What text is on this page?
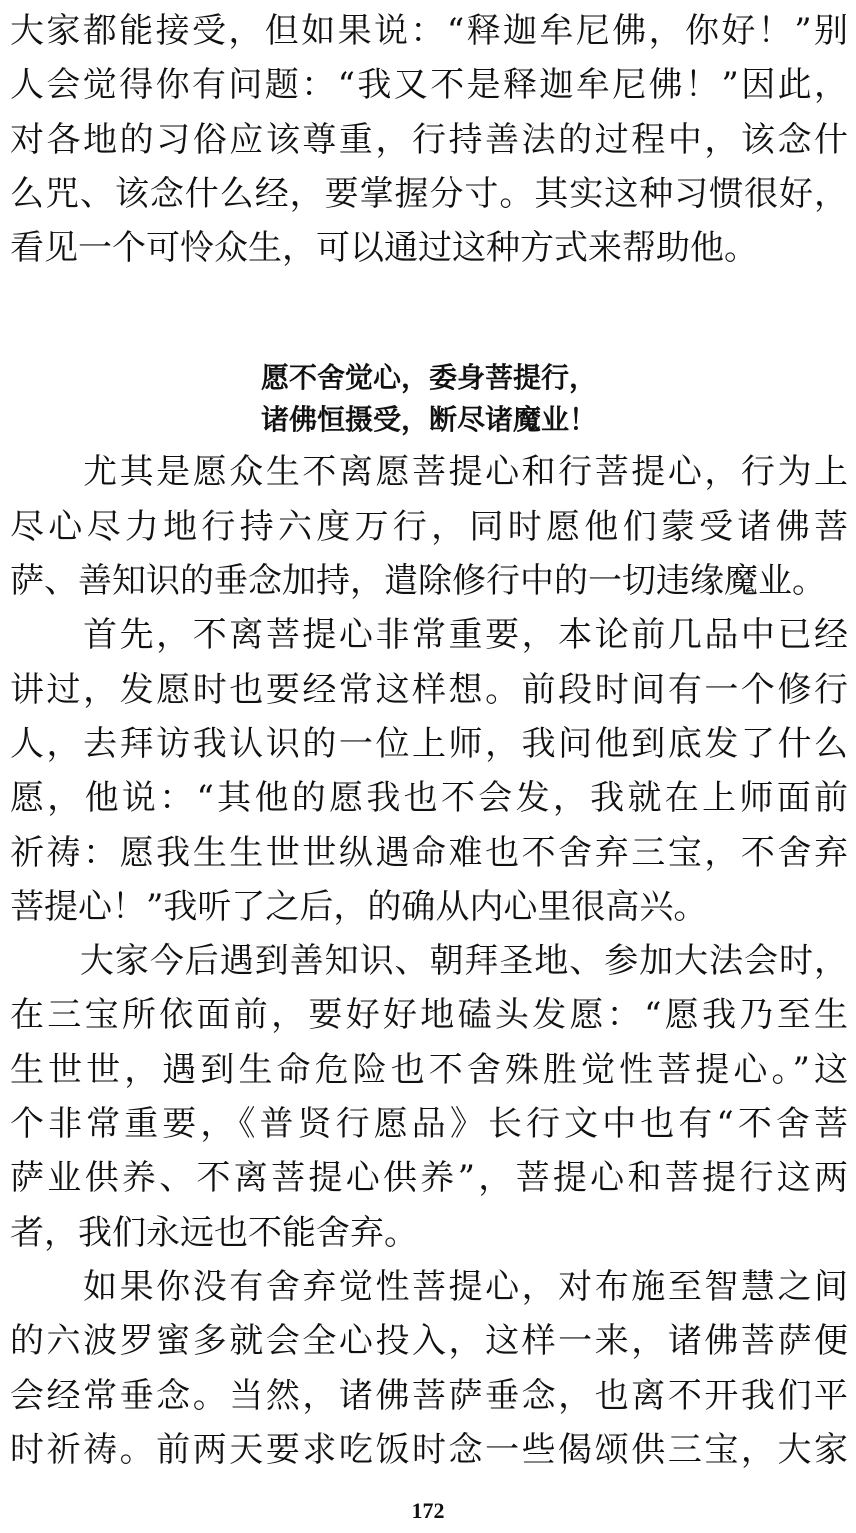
大家都能接受，但如果说：“释迦牟尼佛，你好！”别
人会觉得你有问题：“我又不是释迦牟尼佛！”因此，
对各地的习俗应该尊重，行持善法的过程中，该念什
么咒、该念什么经，要掌握分寸。其实这种习惯很好，
看见一个可怜众生，可以通过这种方式来帮助他。
愿不舍觉心，委身菩提行，
诸佛恒摄受，断尽诸魔业！
　　尤其是愿众生不离愿菩提心和行菩提心，行为上
尽心尽力地行持六度万行，同时愿他们蒙受诸佛菩
萨、善知识的垂念加持，遣除修行中的一切违缘魔业。
　　首先，不离菩提心非常重要，本论前几品中已经
讲过，发愿时也要经常这样想。前段时间有一个修行
人，去拜访我认识的一位上师，我问他到底发了什么
愿，他说：“其他的愿我也不会发，我就在上师面前
祈祷：愿我生生世世纵遇命难也不舍弃三宝，不舍弃
菩提心！”我听了之后，的确从内心里很高兴。
　　大家今后遇到善知识、朝拜圣地、参加大法会时，
在三宝所依面前，要好好地磕头发愿：“愿我乃至生
生世世，遇到生命危险也不舍殊胜觉性菩提心。”这
个非常重要，《普贤行愿品》长行文中也有“不舍菩
萨业供养、不离菩提心供养”，菩提心和菩提行这两
者，我们永远也不能舍弃。
　　如果你没有舍弃觉性菩提心，对布施至智慧之间
的六波罗蜜多就会全心投入，这样一来，诸佛菩萨便
会经常垂念。当然，诸佛菩萨垂念，也离不开我们平
时祈祷。前两天要求吃饭时念一些偈颂供三宝，大家
172
